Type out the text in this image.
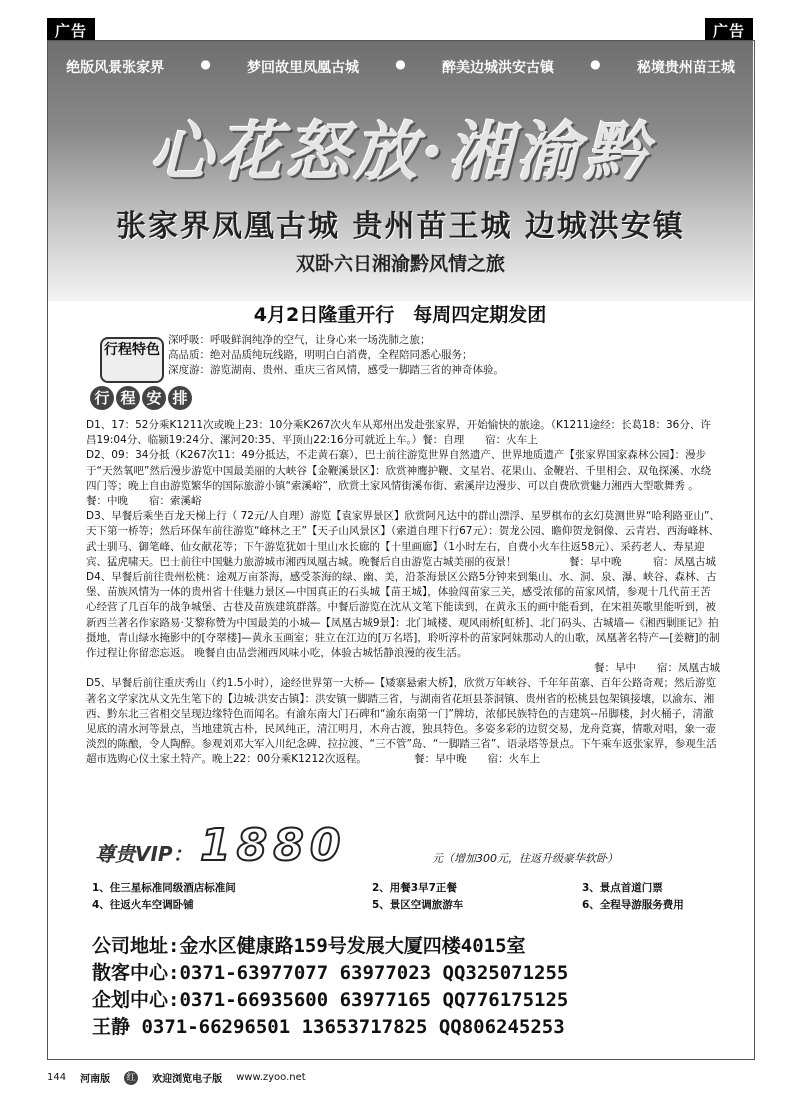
广告	广告
绝版风景张家界	●	梦回故里凤凰古城	●	醉美边城洪安古镇	●	秘境贵州苗王城
心花怒放·湘渝黔
张家界凤凰古城 贵州苗王城 边城洪安镇
双卧六日湘渝黔风情之旅
4月2日隆重开行　每周四定期发团
行程特色
深呼吸：呼吸鲜润纯净的空气，让身心来一场洗肺之旅；
高品质：绝对品质纯玩线路，明明白白消费，全程陪同悉心服务；
深度游：游览湖南、贵州、重庆三省风情，感受一脚踏三省的神奇体验。
行 程 安 排

D1、17：52分乘K1211次或晚上23：10分乘K267次火车从郑州出发赴张家界，开始愉快的旅途。（K1211途经：长葛18：36分、许昌19:04分、临颍19:24分、漯河20:35、平顶山22:16分可就近上车。）餐：自理　　宿：火车上

D2、09：34分抵（K267次11：49分抵达，不走黄石寨），巴士前往游览世界自然遗产、世界地质遗产【张家界国家森林公园】：漫步于“天然氧吧”然后漫步游览中国最美丽的大峡谷【金鞭溪景区】：欣赏神鹰护鞭、文星岩、花果山、金鞭岩、千里相会、双龟探溪、水绕四门等；晚上自由游览繁华的国际旅游小镇“索溪峪”，欣赏土家风情街溪布街、索溪岸边漫步、可以自费欣赏魅力湘西大型歌舞秀 。　　　　餐：中晚　　宿：索溪峪

D3、早餐后乘坐百龙天梯上行（ 72元/人自理）游览【袁家界景区】欣赏阿凡达中的群山漂浮、星罗棋布的玄幻莫测世界“哈利路亚山”、天下第一桥等；然后环保车前往游览“峰林之王”【天子山风景区】（索道自理下行67元）：贺龙公园、瞻仰贺龙铜像、云青岩、西海峰林、武士驯马、御笔峰、仙女献花等；下午游览犹如十里山水长廊的【十里画廊】（1小时左右，自费小火车往返58元）、采药老人、寿星迎宾、猛虎啸天。巴士前往中国魅力旅游城市湘西凤凰古城。晚餐后自由游览古城美丽的夜景！　　　　　餐：早中晚　　　宿：凤凰古城

D4、早餐后前往贵州松桃：途观万亩茶海，感受茶海的绿、幽、美，沿茶海景区公路5分钟来到集山、水、洞、泉、瀑、峡谷、森林、古堡、苗族风情为一体的贵州省十佳魅力景区—中国真正的石头城【苗王城】，体验闯苗家三关，感受浓郁的苗家风情，参观十几代苗王苦心经营了几百年的战争城堡、古巷及苗族建筑群落。中餐后游览在沈从文笔下能读到，在黄永玉的画中能看到，在宋祖英歌里能听到，被新西兰著名作家路易·艾黎称赞为中国最美的小城—【凤凰古城9景】：北门城楼、观风雨桥[虹桥]、北门码头、古城墙—《湘西剿匪记》拍摄地，青山绿水掩影中的[夺翠楼]—黄永玉画室；驻立在江边的[万名塔]，聆听淳朴的苗家阿妹那动人的山歌，凤凰著名特产—[姜糖]的制作过程让你留恋忘返。 晚餐自由品尝湘西风味小吃，体验古城恬静浪漫的夜生活。

餐：早中　　宿：凤凰古城

D5、早餐后前往重庆秀山（约1.5小时），途经世界第一大桥—【矮寨悬索大桥】，欣赏万年峡谷、千年年苗寨、百年公路奇观；然后游览著名文学家沈从文先生笔下的【边城·洪安古镇】：洪安镇一脚踏三省，与湖南省花垣县茶洞镇、贵州省的松桃县包架镇接壤，以渝东、湘西、黔东北三省相交呈现边缘特色而闻名。有渝东南大门石碑和“渝东南第一门”牌坊，浓郁民族特色的吉建筑--吊脚楼，封火桶子，清澈见底的清水河等景点，当地建筑古朴，民风纯正，清江明月，木舟古渡，独具特色。多姿多彩的边贸交易，龙舟竞赛，情歌对唱，象一壶淡烈的陈酿，令人陶醉。参观刘邓大军入川纪念碑、拉拉渡、“三不管”岛、“一脚踏三省”、语录塔等景点。下午乘车返张家界，参观生活超市选购心仪土家土特产。晚上22：00分乘K1212次返程。　　　　　餐：早中晚　　宿：火车上

尊贵VIP： 1880	元（增加300元，往返升级豪华软卧）
1、住三星标准同级酒店标准间	2、用餐3早7正餐	3、景点首道门票
4、往返火车空调卧铺	5、景区空调旅游车	6、全程导游服务费用
公司地址:金水区健康路159号发展大厦四楼4015室
散客中心:0371-63977077 63977023 QQ325071255
企划中心:0371-66935600 63977165 QQ776175125
王静 0371-66296501 13653717825 QQ806245253
144 河南版 红 欢迎浏览电子版 www.zyoo.net
